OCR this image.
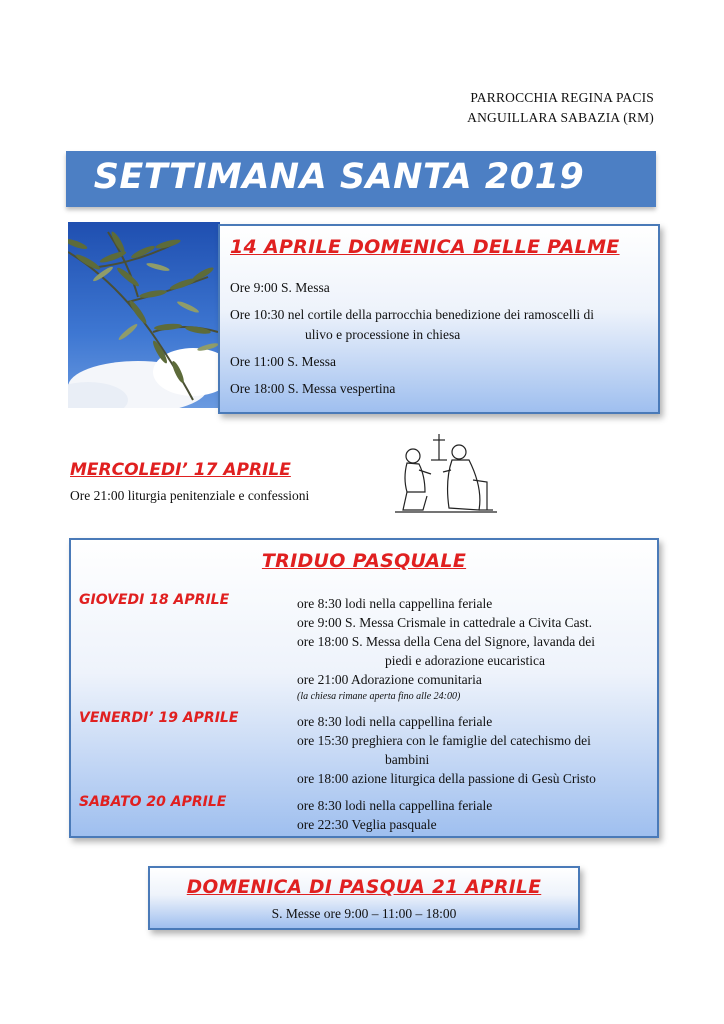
PARROCCHIA REGINA PACIS
ANGUILLARA SABAZIA (RM)
SETTIMANA SANTA 2019
14 APRILE DOMENICA DELLE PALME
Ore 9:00 S. Messa
Ore 10:30 nel cortile della parrocchia benedizione dei ramoscelli di
ulivo e processione in chiesa
Ore 11:00 S. Messa
Ore 18:00 S. Messa vespertina
MERCOLEDI’ 17 APRILE
Ore 21:00 liturgia penitenziale e confessioni
TRIDUO PASQUALE
GIOVEDI 18 APRILE	ore 8:30 lodi nella cappellina feriale
ore 9:00 S. Messa Crismale in cattedrale a Civita Cast.
ore 18:00 S. Messa della Cena del Signore, lavanda dei
piedi e adorazione eucaristica
ore 21:00 Adorazione comunitaria
(la chiesa rimane aperta fino alle 24:00)
VENERDI’ 19 APRILE	ore 8:30 lodi nella cappellina feriale
ore 15:30 preghiera con le famiglie del catechismo dei
bambini
ore 18:00 azione liturgica della passione di Gesù Cristo
SABATO 20 APRILE	ore 8:30 lodi nella cappellina feriale
ore 22:30 Veglia pasquale
DOMENICA DI PASQUA 21 APRILE
S. Messe ore 9:00 – 11:00 – 18:00
